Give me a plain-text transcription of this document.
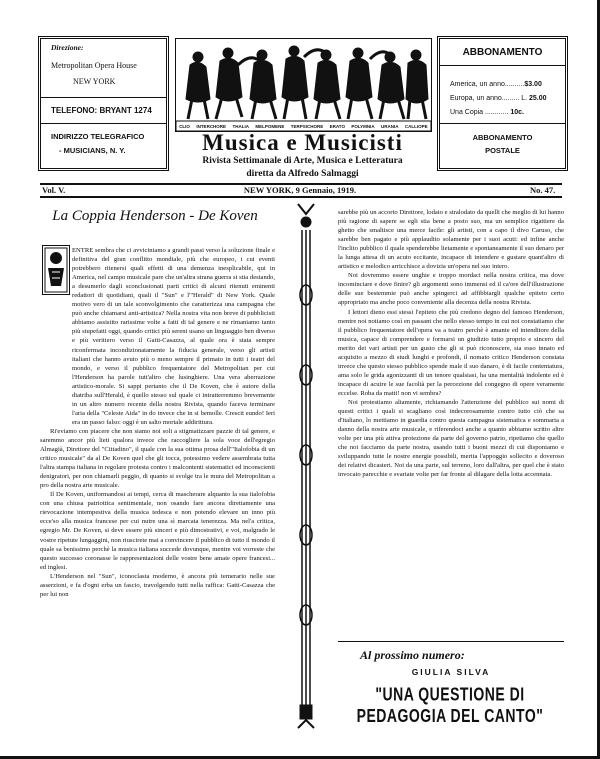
Direzione:
Metropolitan Opera House
NEW YORK
TELEFONO: BRYANT 1274
INDIRIZZO TELEGRAFICO
- MUSICIANS, N. Y.
ABBONAMENTO
America, un anno..........$3.00
Europa, un anno......... L. 25.00
Una Copia ............ 10c.
ABBONAMENTO
POSTALE
CLIO INTERCHORE THALIA MELPOMENE TERPSICHORE ERATO POLYMNIA URANIA CALLIOPE
Musica e Musicisti
Rivista Settimanale di Arte, Musica e Letteratura
diretta da Alfredo Salmaggi
Vol. V.	NEW YORK, 9 Gennaio, 1919.	No. 47.
La Coppia Henderson - De Koven

ENTRE sembra che ci avviciniamo a grandi passi verso la soluzione finale e definitiva del gran conflitto mondiale, più che europeo, i cui eventi potrebbero ritenersi quali effetti di una demenza inesplicabile, qui in America, nel campo musicale pare che un'altra strana guerra si stia destando, a desumerlo dagli sconclusionati parti critici di alcuni ritenuti eminenti redattori di quotidiani, quali il "Sun" e l'"Herald" di New York. Quale motivo vero di un tale sconvolgimento che caratterizza una campagna che può anche chiamarsi anti-artistica? Nella nostra vita non breve di pubblicisti abbiamo assistito rarissime volte a fatti di tal genere e ne rimaniamo tanto più stupefatti oggi, quando critici più sereni usano un linguaggio ben diverso e più veritiero verso il Gatti-Casazza, al quale ora è stata sempre riconfermata incondizionatamente la fiducia generale, verso gli artisti italiani che hanno avuto più o meno sempre il primato in tutti i teatri del mondo, e verso il pubblico frequentatore del Metropolitan per cui l'Henderson ha parole tutt'altro che lusinghiere. Una vera aberrazione artistico-morale. Si sappi pertanto che il De Koven, che è autore della diatriba sull'Herald, è quello stesso sul quale ci intratterremmo brevemente in un altro numero recente della nostra Rivista, quando faceva terminare l'aria della "Celeste Aida" in do invece che in si bemolle. Crescit eundo! Ieri era un passo falso: oggi è un salto mortale addirittura.

Ri'eviamo con piacere che non siamo noi soli a stigmatizzare pazzie di tal genere, e saremmo ancor più lieti qualora invece che raccogliere la sola voce dell'egregio Almagià, Direttore del "Cittadino", il quale con la sua ottima prosa dell'"Italofobia di un critico musicale" da al De Koven quel che gli tocca, potessimo vedere assembrata tutta l'altra stampa italiana in regolare protesta contro i malcontenti sistematici ed inconscienti denigratori, per non chiamarli peggio, di quanto si svolge tra le mura del Metropolitan a pro della nostra arte musicale.

Il De Koven, uniformandosi ai tempi, cerca di mascherare alquanto la sua italofobia con una chiusa patriottica sentimentale, non osando fare ancora direttamente una rievocazione intempestiva della musica tedesca e non potendo elevare un inno più ecce'so alla musica francese per cui nutre una sì marcata tenerezza. Ma nel'a critica, egregio Mr. De Koven, si deve essere più sinceri e più dimostrativi, e voi, malgrado le vostre ripetute lungaggini, non riuscirete mai a convincere il pubblico di tutto il mondo il quale sa benissimo perchè la musica italiana succede dovunque, mentre voi vorreste che questo successo coronasse le rappresentazioni delle vostre bene amate opere francesi... ed inglesi.

L'Henderson nel "Sun", iconoclasta moderno, è ancora più temerario nelle sue asserzioni, e fa d'ogni erba un fascio, travolgendo tutti nella raffica: Gatti-Casazza che per lui non

sarebbe più un accorto Direttore, lodato e stralodato da quelli che meglio di lui hanno più ragione di sapere se egli stia bene a posto suo, ma un semplice rigattiere da ghetto che smaltisce una merce facile: gli artisti, con a capo il divo Caruso, che sarebbe ben pagato e più applaudito solamente per i suoi acuti: ed infine anche l'inclito pubblico il quale spenderebbe lietamente e spontaneamente il suo denaro per la lunga attesa di un acuto eccitante, incapace di intendere e gustare quant'altro di artistico e melodico arricchisce a dovizia un'opera nel suo intero.

Noi dovremmo essere unghie e troppo mordaci nella nostra critica, ma dove incominciare e dove finire? gli argomenti sono immensi ed il ca'ore dell'illustrazione delle sue bestemmie può anche spingerci ad affibbiargli qualche epiteto certo appropriato ma anche poco conveniente alla decenza della nostra Rivista.

I lettori dieno essi stessi l'epiteto che più credono degno del famoso Henderson, mentre noi notiamo così en passant che nello stesso tempo in cui noi constatiamo che il pubblico frequentatore dell'opera va a teatro perchè è amante ed intenditore della musica, capace di comprendere e formarsi un giudizio tutto proprio e sincero del merito dei vari artisti per un gusto che gli si può riconoscere, sia esso innato ed acquisito a mezzo di studi lunghi e profondi, il nomato critico Henderson constata invece che questo stesso pubblico spende male il suo danaro, è di facile contentatura, ama solo le grida agonizzanti di un tenore qualsiasi, ha una mentalità indolente ed è incapace di acuire le sue facoltà per la percezione del congegno di opere veramente eccelse. Roba da matti! non vi sembra?

Noi protestiamo altamente, richiamando l'attenzione del pubblico sui nomi di questi critici i quali si scagliano così indecorosamente contro tutto ciò che sa d'italiano, lo mettiamo in guardia contro questa campagna sistematica e sommaria a danno della nostra arte musicale, e riferendoci anche a quanto abbiamo scritto altre volte per una più attiva protezione da parte del governo patrio, ripetiamo che quello che noi facciamo da parte nostra, usando tutti i buoni mezzi di cui disponiamo e sviluppando tutte le nostre energie possibili, merita l'appoggio sollecito e doveroso dei relativi dicasteri. Noi da una parte, sul terreno, loro dall'altra, per quel che è stato invocato parecchie e svariate volte per far fronte al dilagare della lotta accennata.

Al prossimo numero:
GIULIA SILVA
"UNA QUESTIONE DI PEDAGOGIA DEL CANTO"
